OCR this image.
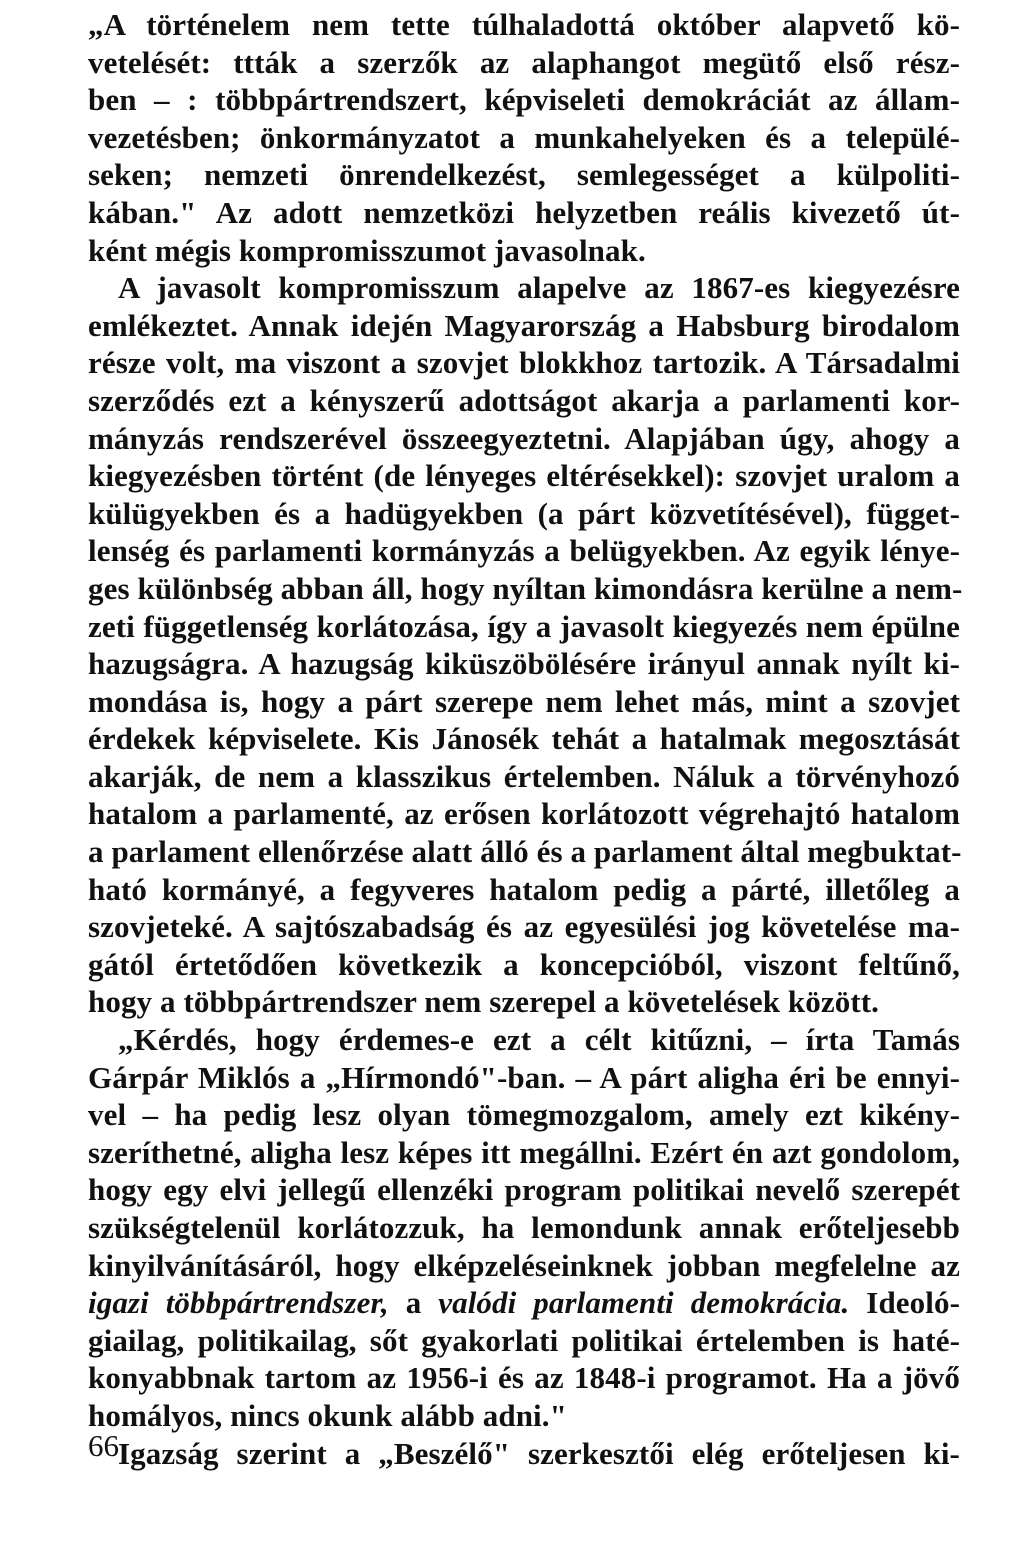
„A történelem nem tette túlhaladottá október alapvető kö-
vetelését: ttták a szerzők az alaphangot megütő első rész-
ben – : többpártrendszert, képviseleti demokráciát az állam-
vezetésben; önkormányzatot a munkahelyeken és a települé-
seken; nemzeti önrendelkezést, semlegességet a külpoliti-
kában." Az adott nemzetközi helyzetben reális kivezető út-
ként mégis kompromisszumot javasolnak.
A javasolt kompromisszum alapelve az 1867-es kiegyezésre
emlékeztet. Annak idején Magyarország a Habsburg birodalom
része volt, ma viszont a szovjet blokkhoz tartozik. A Társadalmi
szerződés ezt a kényszerű adottságot akarja a parlamenti kor-
mányzás rendszerével összeegyeztetni. Alapjában úgy, ahogy a
kiegyezésben történt (de lényeges eltérésekkel): szovjet uralom a
külügyekben és a hadügyekben (a párt közvetítésével), függet-
lenség és parlamenti kormányzás a belügyekben. Az egyik lénye-
ges különbség abban áll, hogy nyíltan kimondásra kerülne a nem-
zeti függetlenség korlátozása, így a javasolt kiegyezés nem épülne
hazugságra. A hazugság kiküszöbölésére irányul annak nyílt ki-
mondása is, hogy a párt szerepe nem lehet más, mint a szovjet
érdekek képviselete. Kis Jánosék tehát a hatalmak megosztását
akarják, de nem a klasszikus értelemben. Náluk a törvényhozó
hatalom a parlamenté, az erősen korlátozott végrehajtó hatalom
a parlament ellenőrzése alatt álló és a parlament által megbuktat-
ható kormányé, a fegyveres hatalom pedig a párté, illetőleg a
szovjeteké. A sajtószabadság és az egyesülési jog követelése ma-
gától értetődően következik a koncepcióból, viszont feltűnő,
hogy a többpártrendszer nem szerepel a követelések között.
„Kérdés, hogy érdemes-e ezt a célt kitűzni, – írta Tamás
Gárpár Miklós a „Hírmondó"-ban. – A párt aligha éri be ennyi-
vel – ha pedig lesz olyan tömegmozgalom, amely ezt kikény-
szeríthetné, aligha lesz képes itt megállni. Ezért én azt gondolom,
hogy egy elvi jellegű ellenzéki program politikai nevelő szerepét
szükségtelenül korlátozzuk, ha lemondunk annak erőteljesebb
kinyilvánításáról, hogy elképzeléseinknek jobban megfelelne az
igazi többpártrendszer, a valódi parlamenti demokrácia. Ideoló-
giailag, politikailag, sőt gyakorlati politikai értelemben is haté-
konyabbnak tartom az 1956-i és az 1848-i programot. Ha a jövő
homályos, nincs okunk alább adni."
Igazság szerint a „Beszélő" szerkesztői elég erőteljesen ki-
66
